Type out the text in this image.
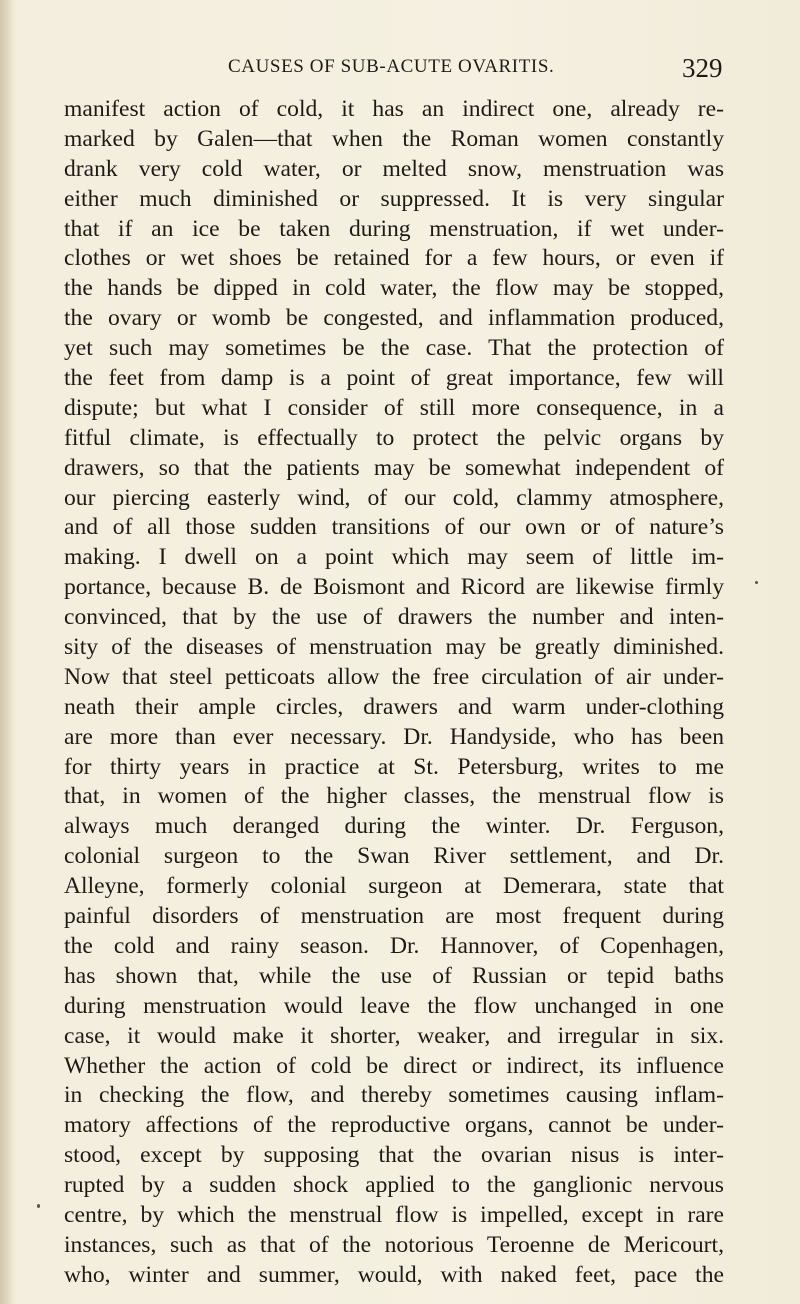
CAUSES OF SUB-ACUTE OVARITIS.	329
manifest action of cold, it has an indirect one, already re-
marked by Galen—that when the Roman women constantly
drank very cold water, or melted snow, menstruation was
either much diminished or suppressed. It is very singular
that if an ice be taken during menstruation, if wet under-
clothes or wet shoes be retained for a few hours, or even if
the hands be dipped in cold water, the flow may be stopped,
the ovary or womb be congested, and inflammation produced,
yet such may sometimes be the case. That the protection of
the feet from damp is a point of great importance, few will
dispute; but what I consider of still more consequence, in a
fitful climate, is effectually to protect the pelvic organs by
drawers, so that the patients may be somewhat independent of
our piercing easterly wind, of our cold, clammy atmosphere,
and of all those sudden transitions of our own or of nature’s
making. I dwell on a point which may seem of little im-
portance, because B. de Boismont and Ricord are likewise firmly
convinced, that by the use of drawers the number and inten-
sity of the diseases of menstruation may be greatly diminished.
Now that steel petticoats allow the free circulation of air under-
neath their ample circles, drawers and warm under-clothing
are more than ever necessary. Dr. Handyside, who has been
for thirty years in practice at St. Petersburg, writes to me
that, in women of the higher classes, the menstrual flow is
always much deranged during the winter. Dr. Ferguson,
colonial surgeon to the Swan River settlement, and Dr.
Alleyne, formerly colonial surgeon at Demerara, state that
painful disorders of menstruation are most frequent during
the cold and rainy season. Dr. Hannover, of Copenhagen,
has shown that, while the use of Russian or tepid baths
during menstruation would leave the flow unchanged in one
case, it would make it shorter, weaker, and irregular in six.
Whether the action of cold be direct or indirect, its influence
in checking the flow, and thereby sometimes causing inflam-
matory affections of the reproductive organs, cannot be under-
stood, except by supposing that the ovarian nisus is inter-
rupted by a sudden shock applied to the ganglionic nervous
centre, by which the menstrual flow is impelled, except in rare
instances, such as that of the notorious Teroenne de Mericourt,
who, winter and summer, would, with naked feet, pace the
